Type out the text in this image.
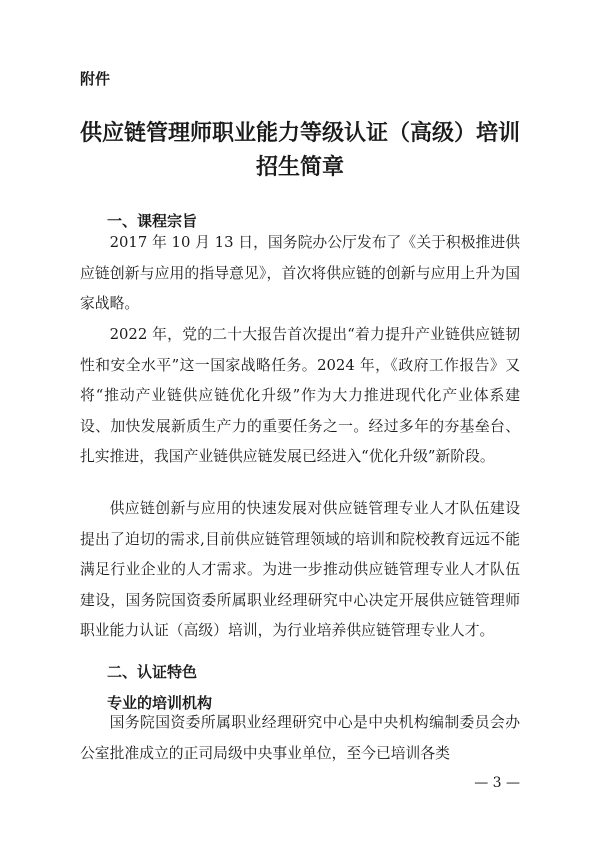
附件
供应链管理师职业能力等级认证（高级）培训
招生简章
一、课程宗旨
2017 年 10 月 13 日，国务院办公厅发布了《关于积极推进供应链创新与应用的指导意见》，首次将供应链的创新与应用上升为国家战略。
2022 年，党的二十大报告首次提出“着力提升产业链供应链韧性和安全水平”这一国家战略任务。2024 年，《政府工作报告》又将“推动产业链供应链优化升级”作为大力推进现代化产业体系建设、加快发展新质生产力的重要任务之一。经过多年的夯基垒台、扎实推进，我国产业链供应链发展已经进入“优化升级”新阶段。
供应链创新与应用的快速发展对供应链管理专业人才队伍建设提出了迫切的需求,目前供应链管理领域的培训和院校教育远远不能满足行业企业的人才需求。为进一步推动供应链管理专业人才队伍建设，国务院国资委所属职业经理研究中心决定开展供应链管理师职业能力认证（高级）培训，为行业培养供应链管理专业人才。
二、认证特色
专业的培训机构
国务院国资委所属职业经理研究中心是中央机构编制委员会办公室批准成立的正司局级中央事业单位，至今已培训各类
— 3 —
